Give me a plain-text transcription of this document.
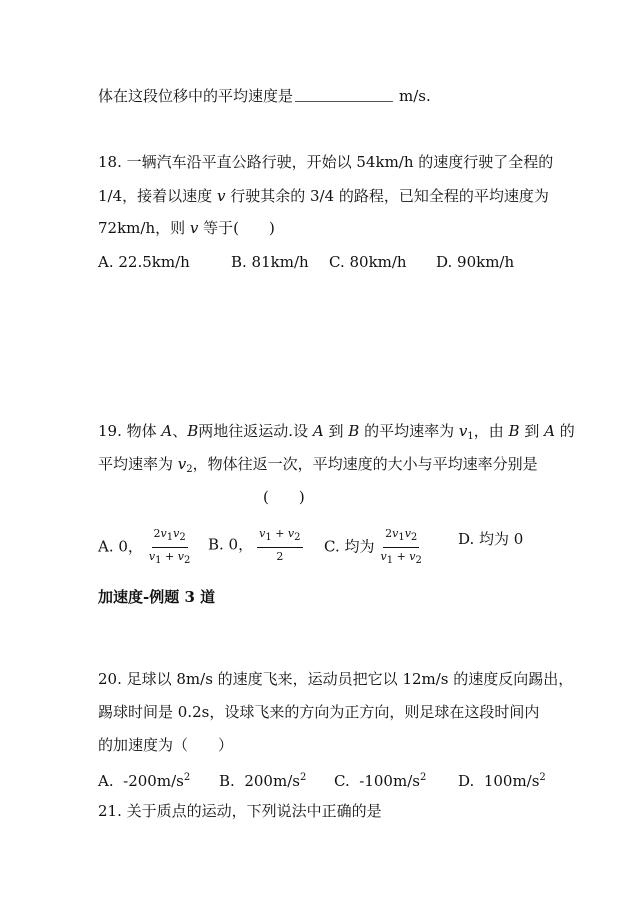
体在这段位移中的平均速度是	m/s.
18. 一辆汽车沿平直公路行驶，开始以 54km/h 的速度行驶了全程的
1/4，接着以速度 v 行驶其余的 3/4 的路程，已知全程的平均速度为
72km/h，则 v 等于(　　)
A. 22.5km/h	B. 81km/h C. 80km/h D. 90km/h
19. 物体 A、B两地往返运动.设 A 到 B 的平均速率为 $v_1$，由 B 到 A 的
平均速率为 $v_2$，物体往返一次，平均速度的大小与平均速率分别是
(　　)
A. 0， $\frac{2v1v2}{v1 + v2} B$. 0， $\frac{v1 + v2}{2} C$. 均为 $\frac{2v1v2}{v1 + v2} D$. 均为 0
加速度-例题 3 道
20. 足球以 8m/s 的速度飞来，运动员把它以 12m/s 的速度反向踢出，
踢球时间是 0.2s，设球飞来的方向为正方向，则足球在这段时间内
的加速度为（　　）
A. $-200m/s^2$ B. $200m/s^2$ C. $-100m/s^2$ D. $100m/s^2$
21. 关于质点的运动，下列说法中正确的是
